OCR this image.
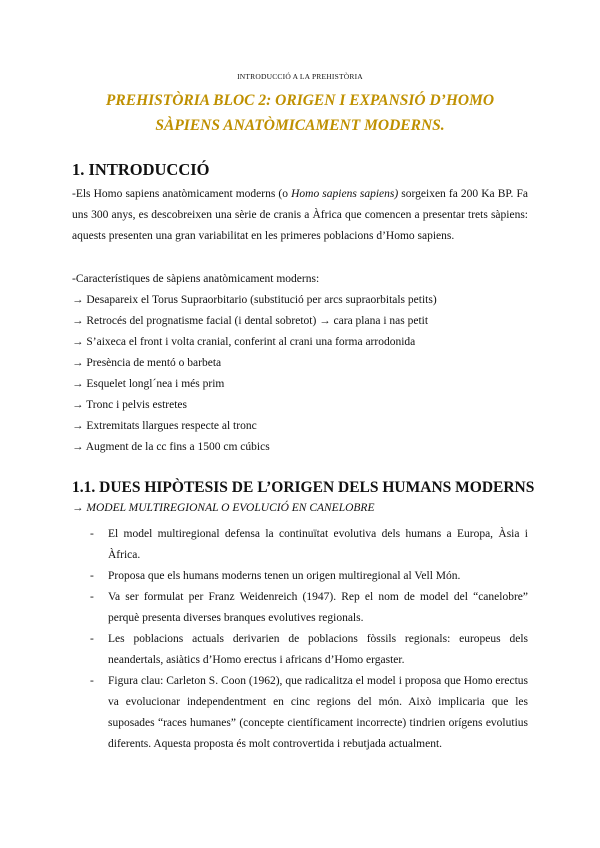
INTRODUCCIÓ A LA PREHISTÒRIA
PREHISTÒRIA BLOC 2: ORIGEN I EXPANSIÓ D’HOMO
SÀPIENS ANATÒMICAMENT MODERNS.
1. INTRODUCCIÓ
-Els Homo sapiens anatòmicament moderns (o Homo sapiens sapiens) sorgeixen fa 200 Ka BP. Fa uns 300 anys, es descobreixen una sèrie de cranis a Àfrica que comencen a presentar trets sàpiens: aquests presenten una gran variabilitat en les primeres poblacions d’Homo sapiens.
-Característiques de sàpiens anatòmicament moderns:
→ Desapareix el Torus Supraorbitario (substitució per arcs supraorbitals petits)
→ Retrocés del prognatisme facial (i dental sobretot) → cara plana i nas petit
→ S’aixeca el front i volta cranial, conferint al crani una forma arrodonida
→ Presència de mentó o barbeta
→ Esquelet longl´nea i més prim
→ Tronc i pelvis estretes
→ Extremitats llargues respecte al tronc
→ Augment de la cc fins a 1500 cm cúbics
1.1. DUES HIPÒTESIS DE L’ORIGEN DELS HUMANS MODERNS
→ MODEL MULTIREGIONAL O EVOLUCIÓ EN CANELOBRE
- El model multiregional defensa la continuïtat evolutiva dels humans a Europa, Àsia i Àfrica.
- Proposa que els humans moderns tenen un origen multiregional al Vell Món.
- Va ser formulat per Franz Weidenreich (1947). Rep el nom de model del “canelobre” perquè presenta diverses branques evolutives regionals.
- Les poblacions actuals derivarien de poblacions fòssils regionals: europeus dels neandertals, asiàtics d’Homo erectus i africans d’Homo ergaster.
- Figura clau: Carleton S. Coon (1962), que radicalitza el model i proposa que Homo erectus va evolucionar independentment en cinc regions del món. Això implicaria que les suposades “races humanes” (concepte científicament incorrecte) tindrien orígens evolutius diferents. Aquesta proposta és molt controvertida i rebutjada actualment.
